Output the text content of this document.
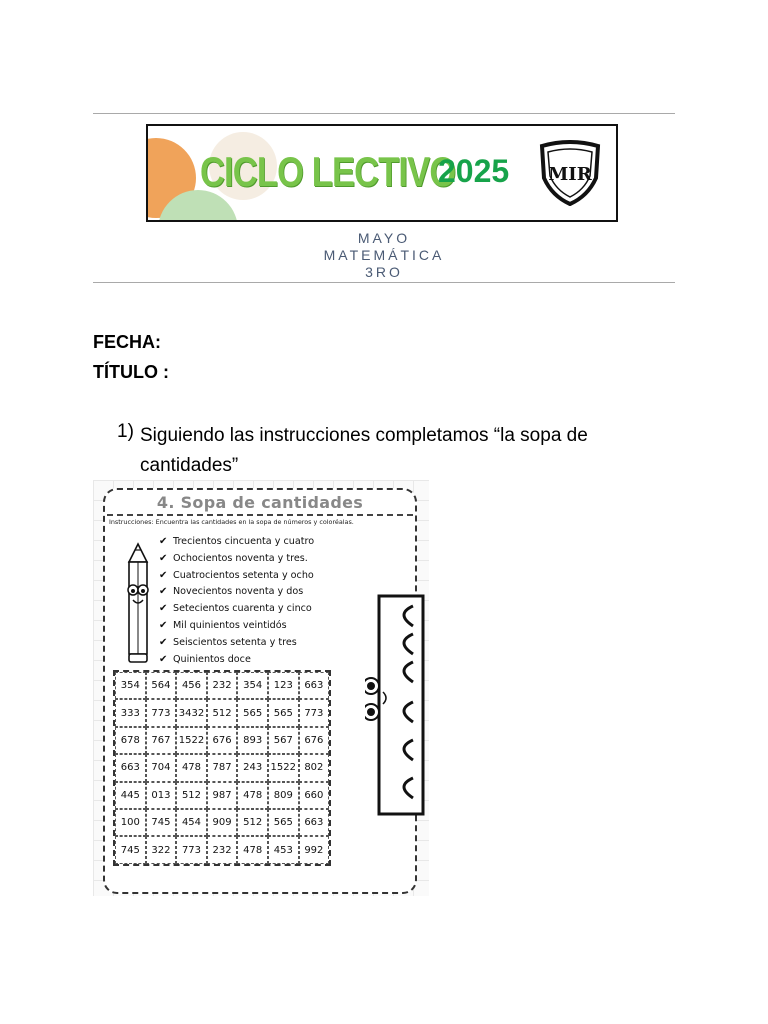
CICLO LECTIVO
2025 MIR
MAYO
MATEMÁTICA
3RO
FECHA:
TÍTULO :
1) Siguiendo las instrucciones completamos “la sopa de cantidades”
4. Sopa de cantidades
Instrucciones: Encuentra las cantidades en la sopa de números y coloréalas.
✔ Trecientos cincuenta y cuatro
✔ Ochocientos noventa y tres.
✔ Cuatrocientos setenta y ocho
✔ Novecientos noventa y dos
✔ Setecientos cuarenta y cinco
✔ Mil quinientos veintidós
✔ Seiscientos setenta y tres
✔ Quinientos doce
354	564	456	232	354	123	663
333	773	3432	512	565	565	773
678	767	1522	676	893	567	676
663	704	478	787	243	1522	802
445	013	512	987	478	809	660
100	745	454	909	512	565	663
745	322	773	232	478	453	992
